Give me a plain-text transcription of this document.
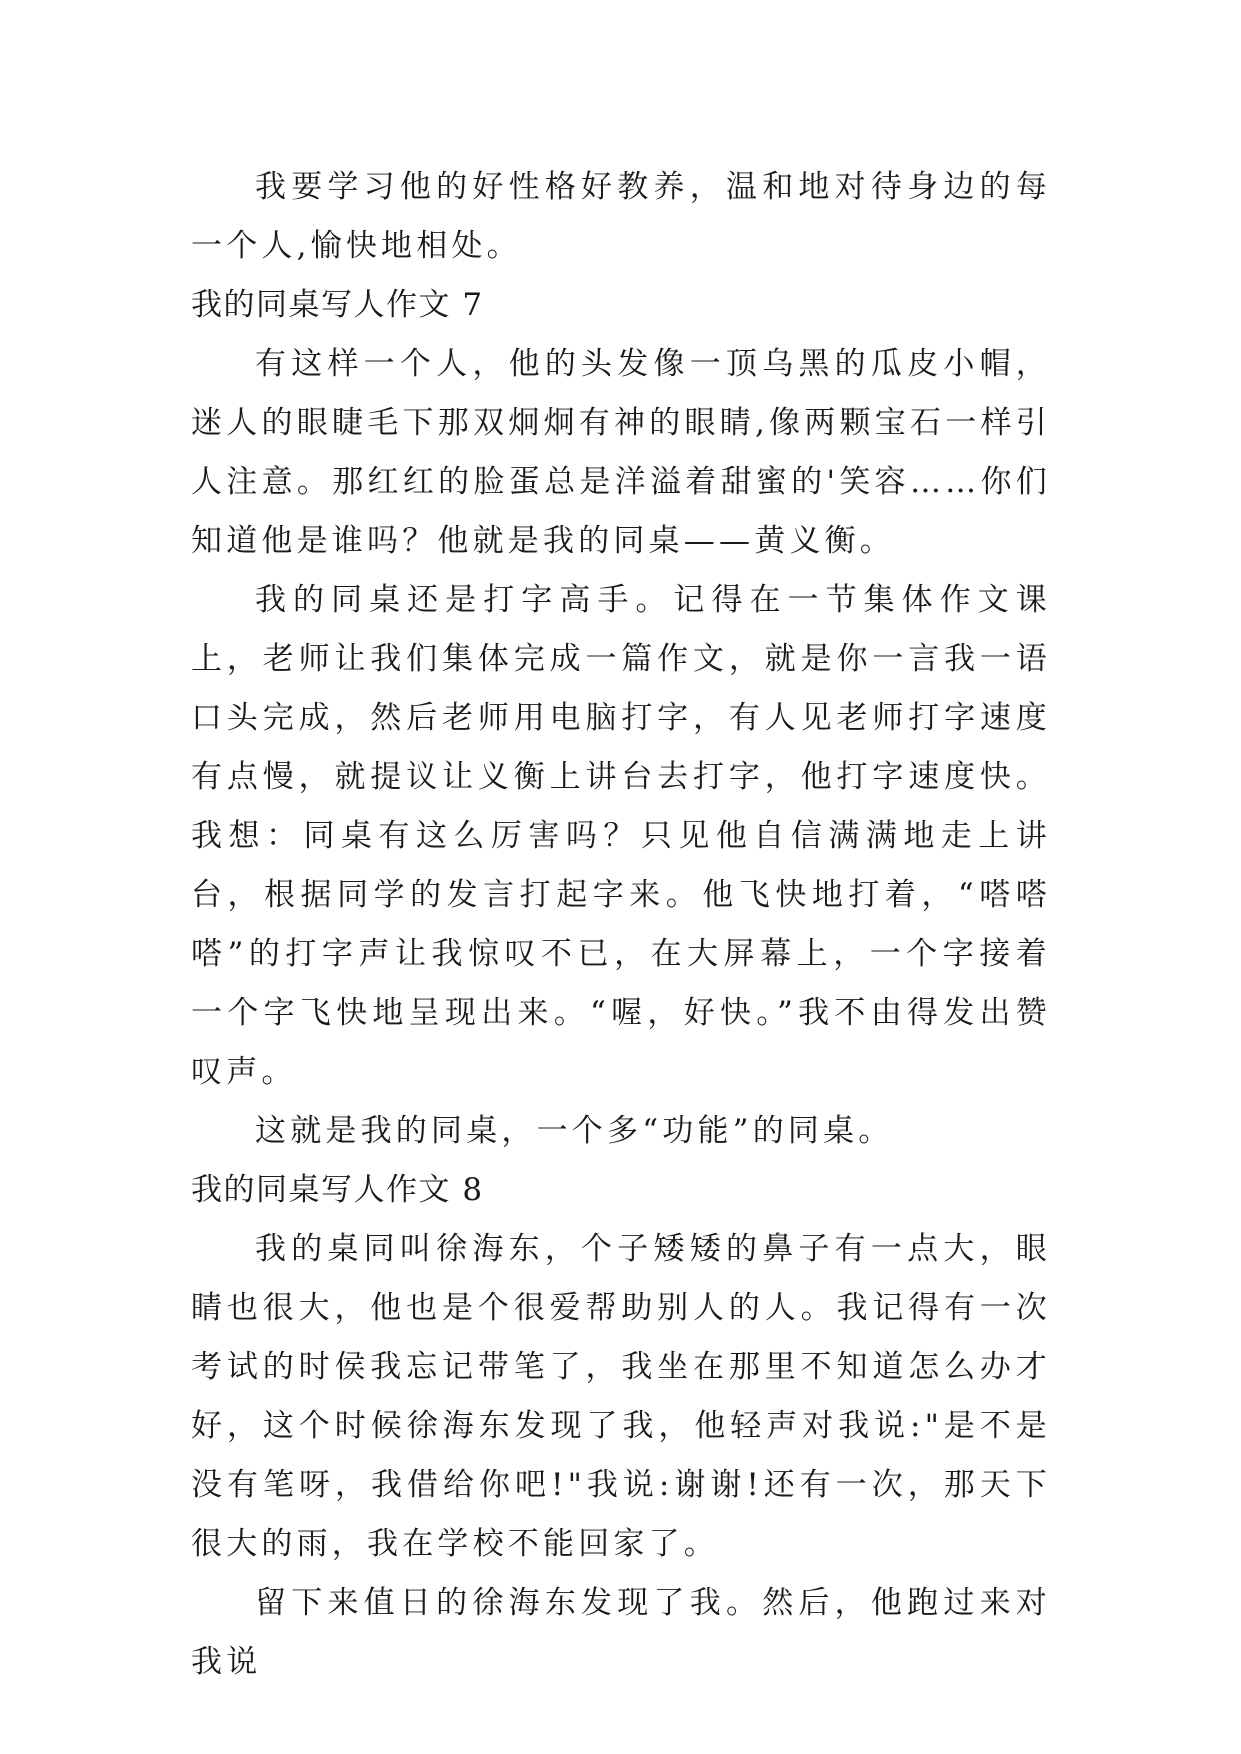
我要学习他的好性格好教养，温和地对待身边的每一个人,愉快地相处。

我的同桌写人作文 7

有这样一个人，他的头发像一顶乌黑的瓜皮小帽，迷人的眼睫毛下那双炯炯有神的眼睛,像两颗宝石一样引人注意。那红红的脸蛋总是洋溢着甜蜜的'笑容……你们知道他是谁吗？他就是我的同桌——黄义衡。

我的同桌还是打字高手。记得在一节集体作文课上，老师让我们集体完成一篇作文，就是你一言我一语口头完成，然后老师用电脑打字，有人见老师打字速度有点慢，就提议让义衡上讲台去打字，他打字速度快。我想：同桌有这么厉害吗？只见他自信满满地走上讲台，根据同学的发言打起字来。他飞快地打着，“嗒嗒嗒”的打字声让我惊叹不已，在大屏幕上，一个字接着一个字飞快地呈现出来。“喔，好快。”我不由得发出赞叹声。

这就是我的同桌，一个多“功能”的同桌。

我的同桌写人作文 8

我的桌同叫徐海东，个子矮矮的鼻子有一点大，眼睛也很大，他也是个很爱帮助别人的人。我记得有一次考试的时侯我忘记带笔了，我坐在那里不知道怎么办才好，这个时候徐海东发现了我，他轻声对我说:"是不是没有笔呀，我借给你吧!"我说:谢谢!还有一次，那天下很大的雨，我在学校不能回家了。

留下来值日的徐海东发现了我。然后，他跑过来对我说
